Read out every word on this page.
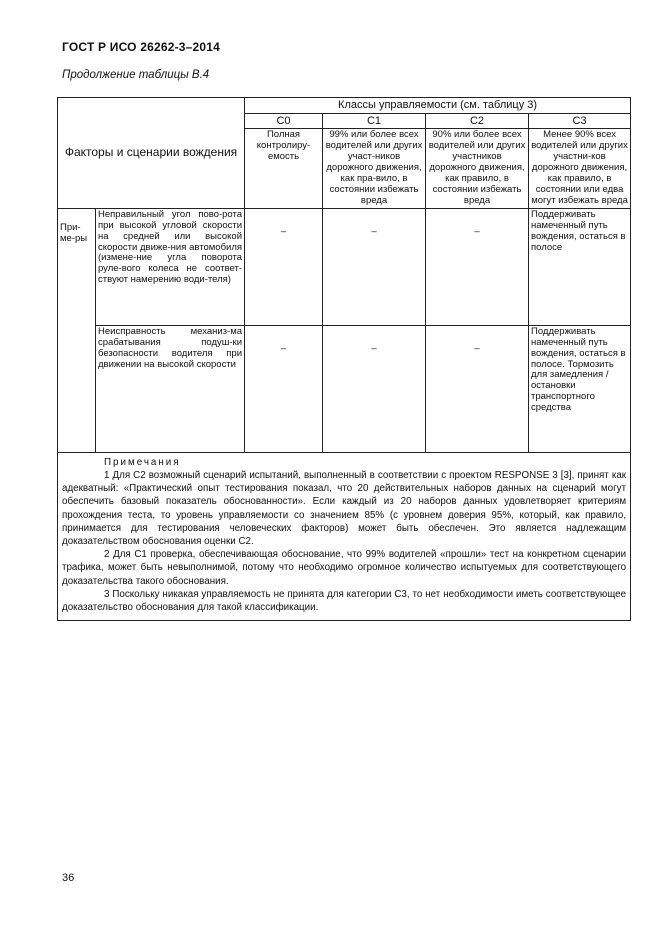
ГОСТ Р ИСО 26262-3–2014
Продолжение таблицы В.4
Факторы и сценарии вождения		Классы управляемости (см. таблицу 3)			
		С0	С1	С2	С3
		Полная контролиру-емость	99% или более всех водителей или других участ-ников дорожного движения, как пра-вило, в состоянии избежать вреда	90% или более всех водителей или других участников дорожного движения, как правило, в состоянии избежать вреда	Менее 90% всех водителей или других участни-ков дорожного движения, как правило, в состоянии или едва могут избежать вреда
При-ме-ры	Неправильный угол пово-рота при высокой угловой скорости на средней или высокой скорости движе-ния автомобиля (измене-ние угла поворота руле-вого колеса не соответ-ствуют намерению води-теля)	–	–	–	Поддерживать намеченный путь вождения, остаться в полосе
	Неисправность механиз-ма срабатывания подуш-ки безопасности водителя при движении на высокой скорости	–	–	–	Поддерживать намеченный путь вождения, остаться в полосе. Тормозить для замедления / остановки транспортного средства

Примечания

1 Для С2 возможный сценарий испытаний, выполненный в соответствии с проектом RESPONSE 3 [3], принят как адекватный: «Практический опыт тестирования показал, что 20 действительных наборов данных на сценарий могут обеспечить базовый показатель обоснованности». Если каждый из 20 наборов данных удовлетворяет критериям прохождения теста, то уровень управляемости со значением 85% (с уровнем доверия 95%, который, как правило, принимается для тестирования человеческих факторов) может быть обеспечен. Это является надлежащим доказательством обоснования оценки С2.

2 Для С1 проверка, обеспечивающая обоснование, что 99% водителей «прошли» тест на конкретном сценарии трафика, может быть невыполнимой, потому что необходимо огромное количество испытуемых для соответствующего доказательства такого обоснования.

3 Поскольку никакая управляемость не принята для категории С3, то нет необходимости иметь соответствующее доказательство обоснования для такой классификации.					

36
